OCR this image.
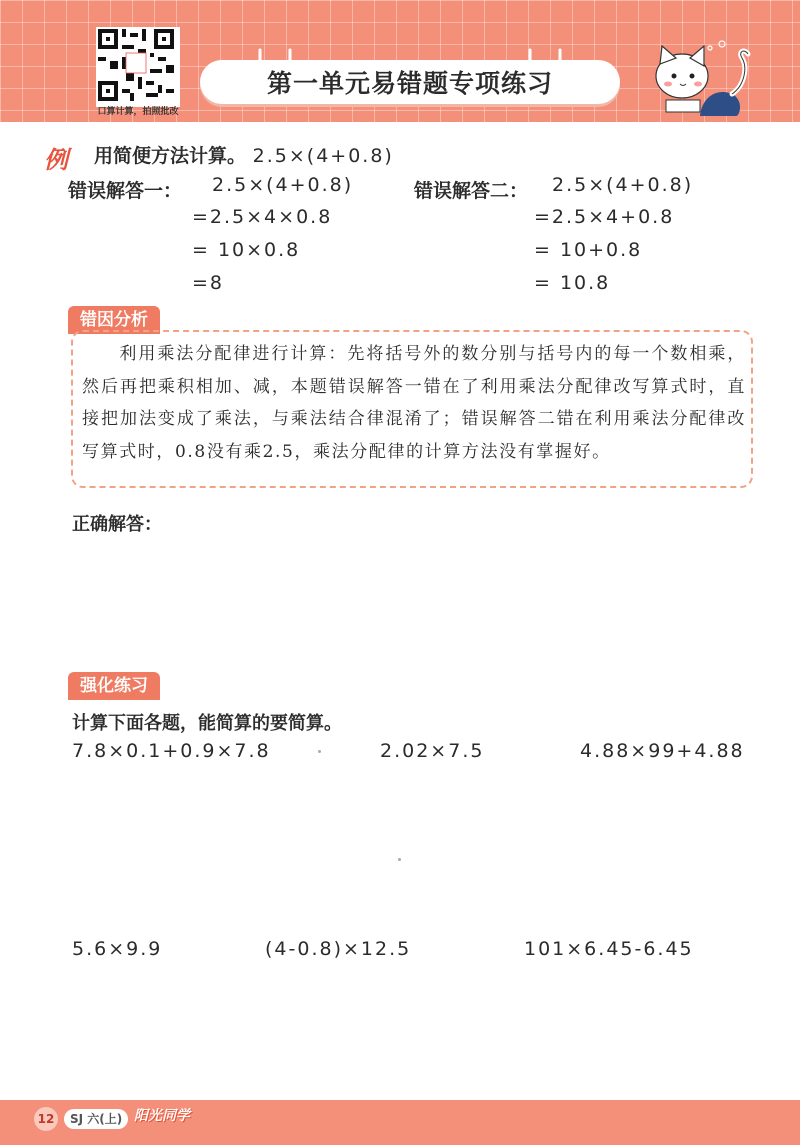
口算计算，拍照批改
第一单元易错题专项练习
例 用简便方法计算。 2.5×(4+0.8)
错误解答一： 2.5×(4+0.8)
=2.5×4×0.8
= 10×0.8
=8
错误解答二： 2.5×(4+0.8)
=2.5×4+0.8
= 10+0.8
= 10.8
错因分析
利用乘法分配律进行计算：先将括号外的数分别与括号内的每一个数相乘，然后再把乘积相加、减，本题错误解答一错在了利用乘法分配律改写算式时，直接把加法变成了乘法，与乘法结合律混淆了；错误解答二错在利用乘法分配律改写算式时，0.8没有乘2.5，乘法分配律的计算方法没有掌握好。
正确解答：
强化练习
计算下面各题，能简算的要简算。
7.8×0.1+0.9×7.8	2.02×7.5	4.88×99+4.88
5.6×9.9	(4-0.8)×12.5	101×6.45-6.45
12	SJ 六(上) 阳光同学
